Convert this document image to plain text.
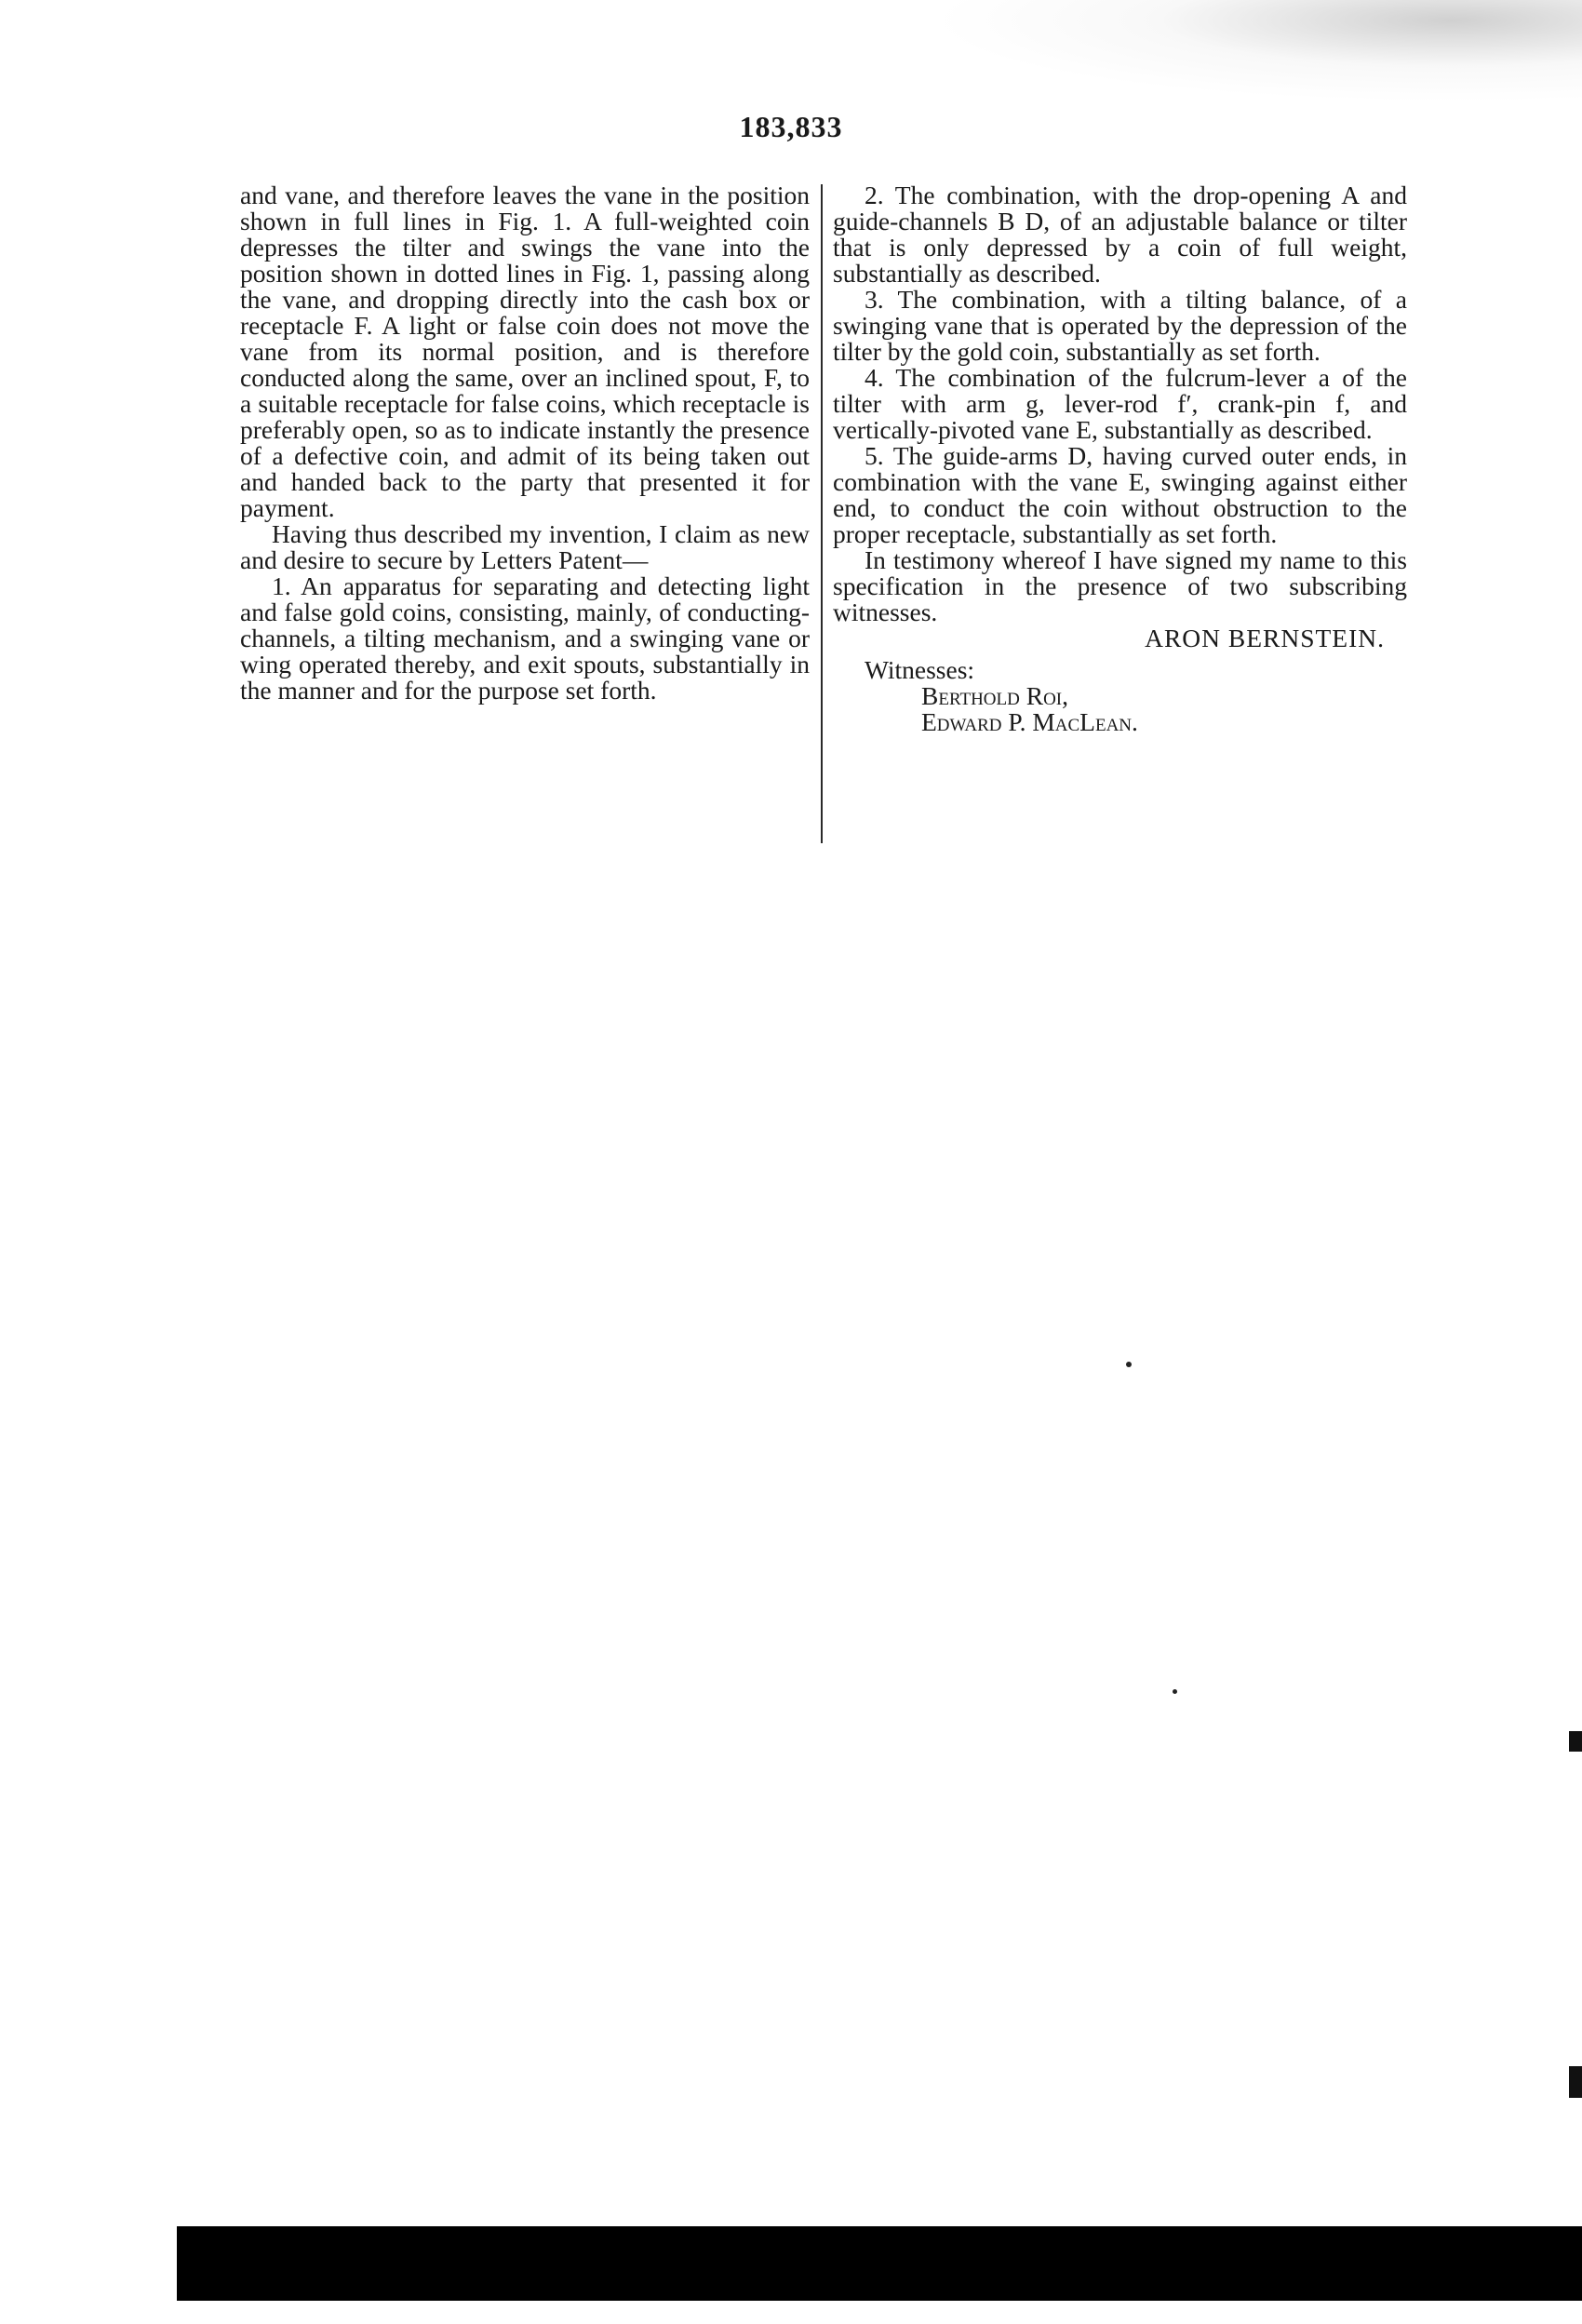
183,833

and vane, and therefore leaves the vane in the position shown in full lines in Fig. 1. A full-weighted coin depresses the tilter and swings the vane into the position shown in dotted lines in Fig. 1, passing along the vane, and dropping directly into the cash box or receptacle F. A light or false coin does not move the vane from its normal position, and is therefore conducted along the same, over an inclined spout, F, to a suitable receptacle for false coins, which receptacle is preferably open, so as to indicate instantly the presence of a defective coin, and admit of its being taken out and handed back to the party that presented it for payment.

Having thus described my invention, I claim as new and desire to secure by Letters Patent—

1. An apparatus for separating and detecting light and false gold coins, consisting, mainly, of conducting-channels, a tilting mechanism, and a swinging vane or wing operated thereby, and exit spouts, substantially in the manner and for the purpose set forth.

2. The combination, with the drop-opening A and guide-channels B D, of an adjustable balance or tilter that is only depressed by a coin of full weight, substantially as described.

3. The combination, with a tilting balance, of a swinging vane that is operated by the depression of the tilter by the gold coin, substantially as set forth.

4. The combination of the fulcrum-lever a of the tilter with arm g, lever-rod f′, crank-pin f, and vertically-pivoted vane E, substantially as described.

5. The guide-arms D, having curved outer ends, in combination with the vane E, swinging against either end, to conduct the coin without obstruction to the proper receptacle, substantially as set forth.

In testimony whereof I have signed my name to this specification in the presence of two subscribing witnesses.

ARON BERNSTEIN.

Witnesses:

Berthold Roi,

Edward P. MacLean.
